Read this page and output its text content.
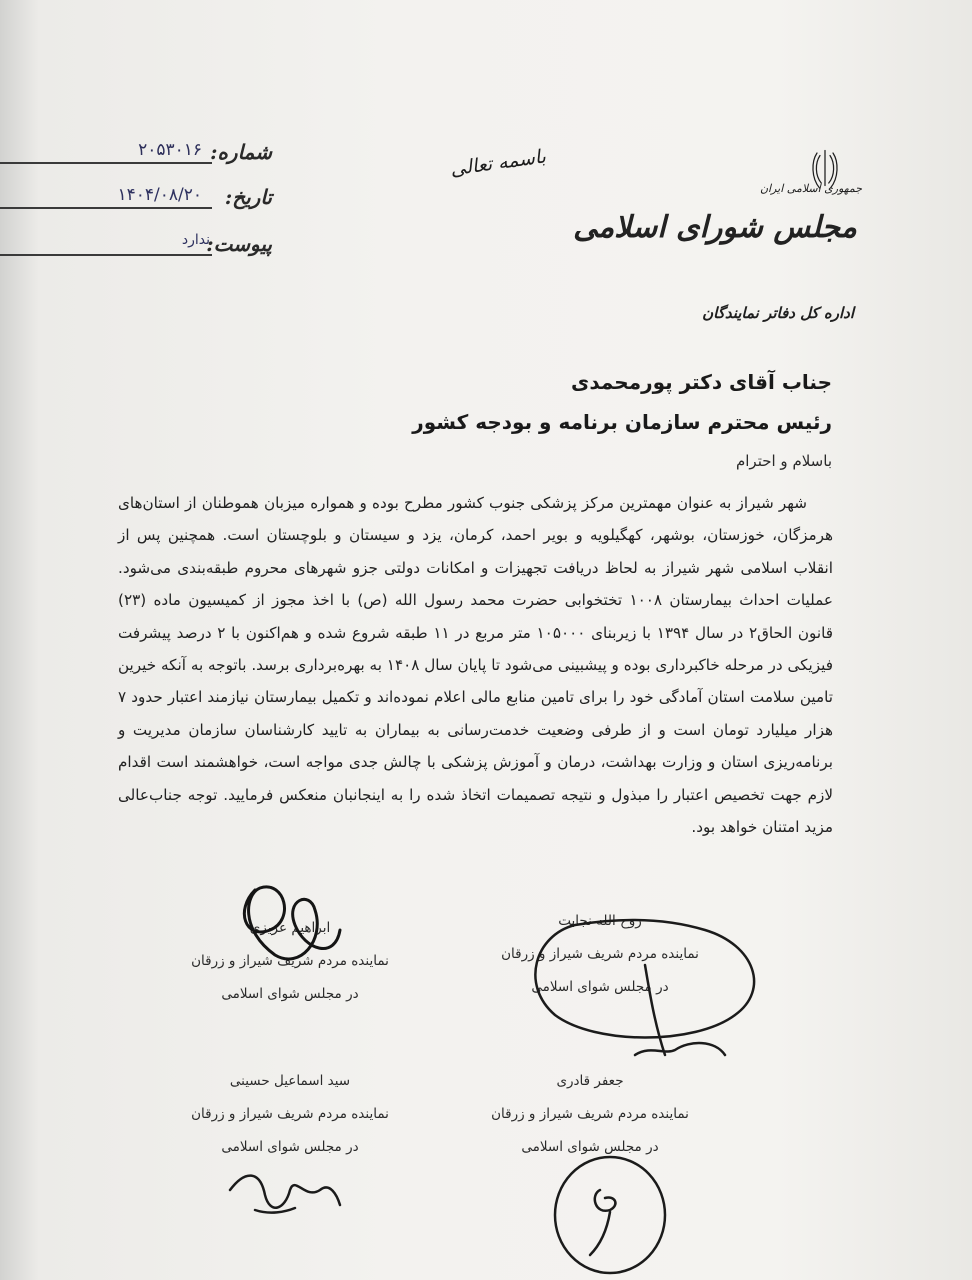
شماره:
۲۰۵۳۰۱۶
تاریخ:
۱۴۰۴/۰۸/۲۰
پیوست:
ندارد
باسمه تعالی
جمهوری اسلامی ایران
مجلس شورای اسلامی
اداره کل دفاتر نمایندگان
جناب آقای دکتر پورمحمدی
رئیس محترم سازمان برنامه و بودجه کشور
باسلام و احترام

شهر شیراز به عنوان مهمترین مرکز پزشکی جنوب کشور مطرح بوده و همواره میزبان هموطنان از استان‌های هرمزگان، خوزستان، بوشهر، کهگیلویه و بویر احمد، کرمان، یزد و سیستان و بلوچستان است. همچنین پس از انقلاب اسلامی شهر شیراز به لحاظ دریافت تجهیزات و امکانات دولتی جزو شهرهای محروم طبقه‌بندی می‌شود. عملیات احداث بیمارستان ۱۰۰۸ تختخوابی حضرت محمد رسول الله (ص) با اخذ مجوز از کمیسیون ماده (۲۳) قانون الحاق۲ در سال ۱۳۹۴ با زیربنای ۱۰۵۰۰۰ متر مربع در ۱۱ طبقه شروع شده و هم‌اکنون با ۲ درصد پیشرفت فیزیکی در مرحله خاکبرداری بوده و پیشبینی می‌شود تا پایان سال ۱۴۰۸ به بهره‌برداری برسد. باتوجه به آنکه خیرین تامین سلامت استان آمادگی خود را برای تامین منابع مالی اعلام نموده‌اند و تکمیل بیمارستان نیازمند اعتبار حدود ۷ هزار میلیارد تومان است و از طرفی وضعیت خدمت‌رسانی به بیماران به تایید کارشناسان سازمان مدیریت و برنامه‌ریزی استان و وزارت بهداشت، درمان و آموزش پزشکی با چالش جدی مواجه است، خواهشمند است اقدام لازم جهت تخصیص اعتبار را مبذول و نتیجه تصمیمات اتخاذ شده را به اینجانبان منعکس فرمایید. توجه جناب‌عالی مزید امتنان خواهد بود.

ابراهیم عزیزی
نماینده مردم شریف شیراز و زرقان
در مجلس شوای اسلامی
روح الله نجابت
نماینده مردم شریف شیراز و زرقان
در مجلس شوای اسلامی
سید اسماعیل حسینی
نماینده مردم شریف شیراز و زرقان
در مجلس شوای اسلامی
جعفر قادری
نماینده مردم شریف شیراز و زرقان
در مجلس شوای اسلامی
